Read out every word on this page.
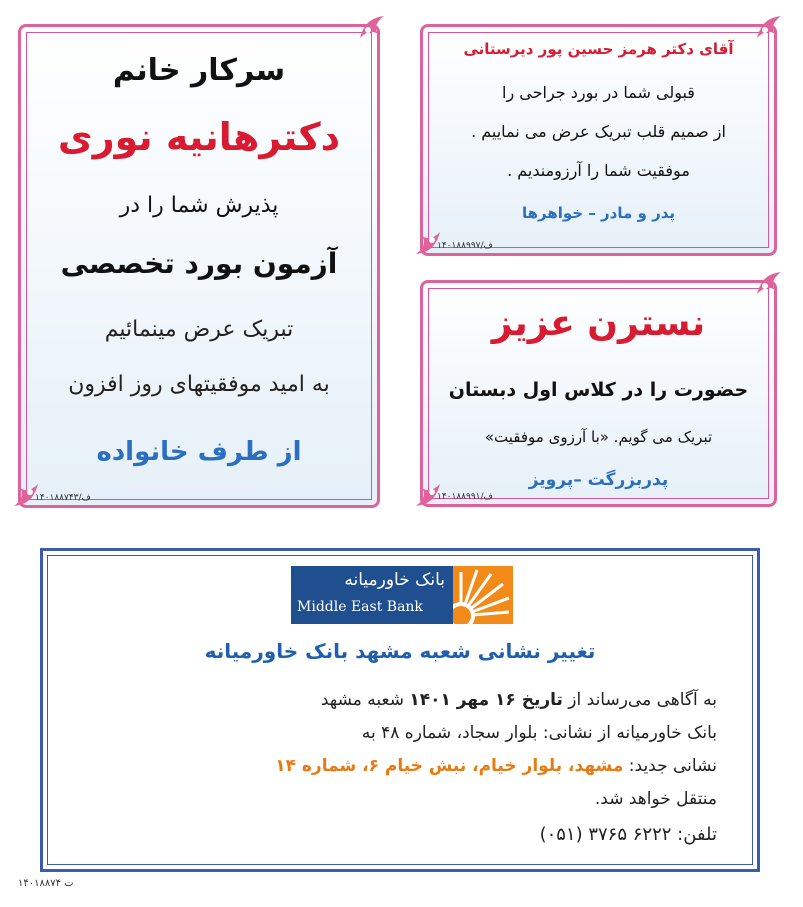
آقای دکتر هرمز حسین پور دیرستانی
قبولی شما در بورد جراحی را
از صمیم قلب تبریک عرض می نماییم .
موفقیت شما را آرزومندیم .
پدر و مادر – خواهرها
۱۴۰۱۸۸۹۹۷/ف
نسترن عزیز
حضورت را در کلاس اول دبستان
تبریک می گویم. «با آرزوی موفقیت»
پدربزرگت –پرویز
۱۴۰۱۸۸۹۹۱/ف
سرکار خانم
دکترهانیه نوری
پذیرش شما را در
آزمون بورد تخصصی
تبریک عرض مینمائیم
به امید موفقیتهای روز افزون
از طرف خانواده
۱۴۰۱۸۸۷۴۳/ف
بانک خاورمیانه
Middle East Bank
تغییر نشانی شعبه مشهد بانک خاورمیانه

به آگاهی می‌رساند از تاریخ ۱۶ مهر ۱۴۰۱ شعبه مشهد

بانک خاورمیانه از نشانی: بلوار سجاد، شماره ۴۸ به

نشانی جدید: مشهد، بلوار خیام، نبش خیام ۶، شماره ۱۴

منتقل خواهد شد.

تلفن: (۰۵۱) ۳۷۶۵ ۶۲۲۲
۱۴۰۱۸۸۷۴ ت
